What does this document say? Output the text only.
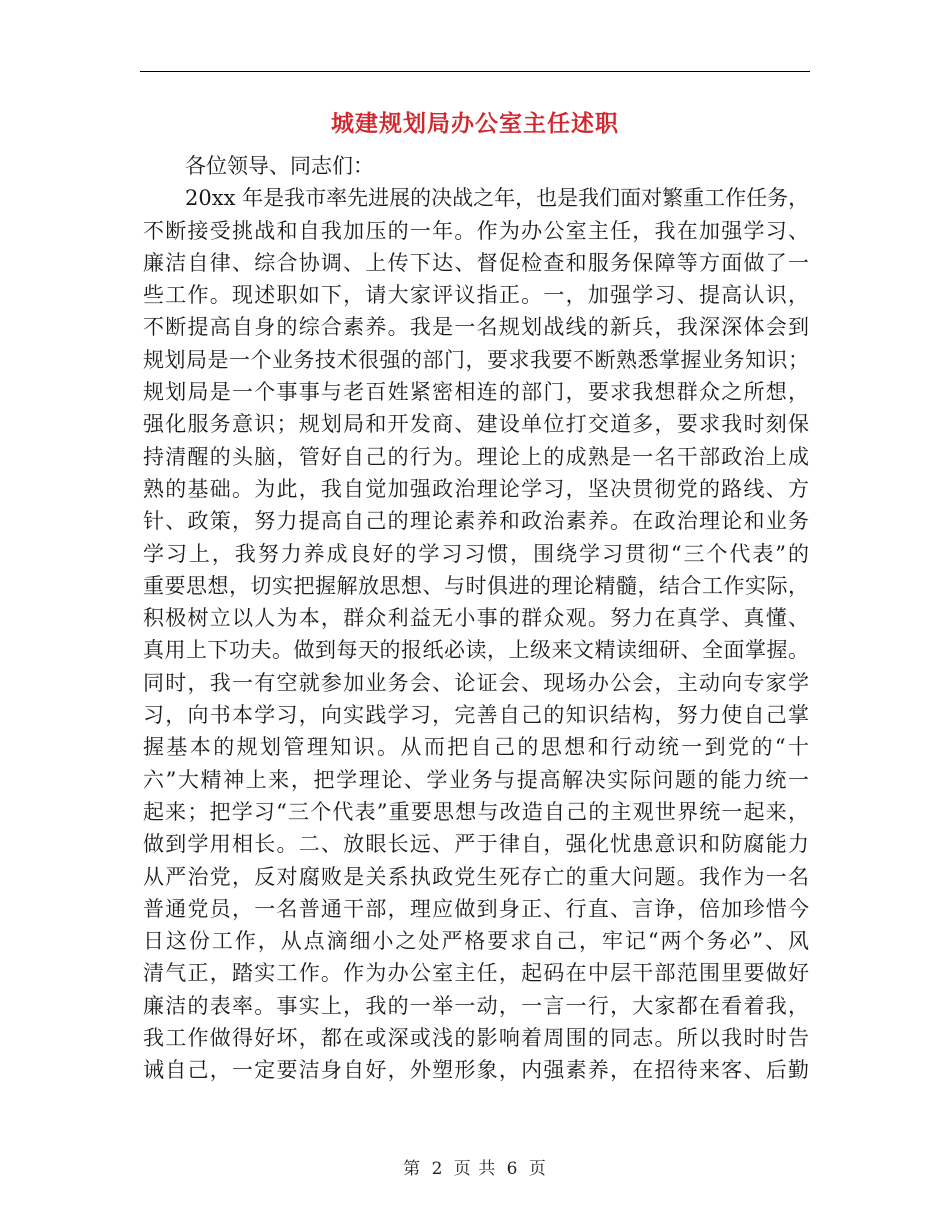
城建规划局办公室主任述职

各位领导、同志们：

20xx 年是我市率先进展的决战之年，也是我们面对繁重工作任务，
不断接受挑战和自我加压的一年。作为办公室主任，我在加强学习、
廉洁自律、综合协调、上传下达、督促检查和服务保障等方面做了一
些工作。现述职如下，请大家评议指正。一，加强学习、提高认识，
不断提高自身的综合素养。我是一名规划战线的新兵，我深深体会到
规划局是一个业务技术很强的部门，要求我要不断熟悉掌握业务知识；
规划局是一个事事与老百姓紧密相连的部门，要求我想群众之所想，
强化服务意识；规划局和开发商、建设单位打交道多，要求我时刻保
持清醒的头脑，管好自己的行为。理论上的成熟是一名干部政治上成
熟的基础。为此，我自觉加强政治理论学习，坚决贯彻党的路线、方
针、政策，努力提高自己的理论素养和政治素养。在政治理论和业务
学习上，我努力养成良好的学习习惯，围绕学习贯彻“三个代表”的
重要思想，切实把握解放思想、与时俱进的理论精髓，结合工作实际，
积极树立以人为本，群众利益无小事的群众观。努力在真学、真懂、
真用上下功夫。做到每天的报纸必读，上级来文精读细研、全面掌握。
同时，我一有空就参加业务会、论证会、现场办公会，主动向专家学
习，向书本学习，向实践学习，完善自己的知识结构，努力使自己掌
握基本的规划管理知识。从而把自己的思想和行动统一到党的“十
六”大精神上来，把学理论、学业务与提高解决实际问题的能力统一
起来；把学习“三个代表”重要思想与改造自己的主观世界统一起来，
做到学用相长。二、放眼长远、严于律自，强化忧患意识和防腐能力
从严治党，反对腐败是关系执政党生死存亡的重大问题。我作为一名
普通党员，一名普通干部，理应做到身正、行直、言诤，倍加珍惜今
日这份工作，从点滴细小之处严格要求自己，牢记“两个务必”、风
清气正，踏实工作。作为办公室主任，起码在中层干部范围里要做好
廉洁的表率。事实上，我的一举一动，一言一行，大家都在看着我，
我工作做得好坏，都在或深或浅的影响着周围的同志。所以我时时告
诫自己，一定要洁身自好，外塑形象，内强素养，在招待来客、后勤

第 2 页 共 6 页
